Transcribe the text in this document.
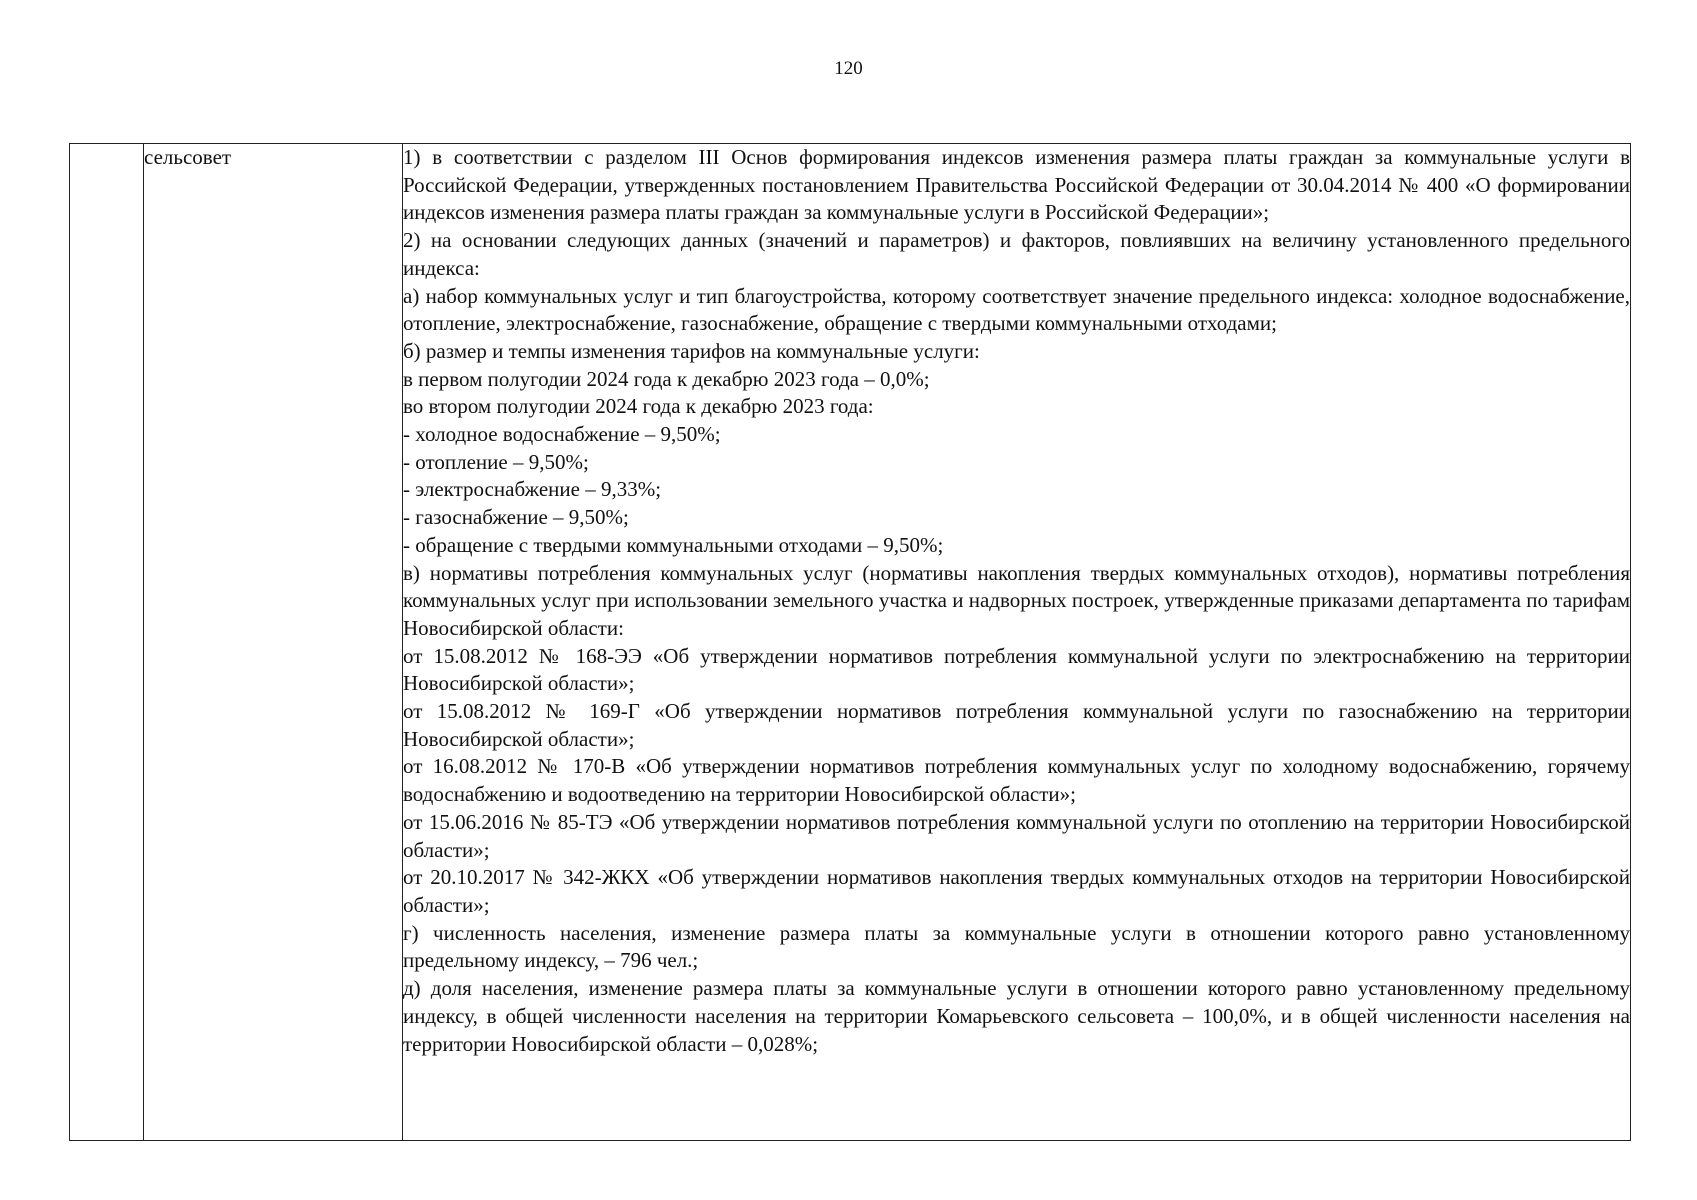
120
	сельсовет	1) в соответствии с разделом III Основ формирования индексов изменения размера платы граждан за коммунальные услуги в Российской Федерации, утвержденных постановлением Правительства Российской Федерации от 30.04.2014 № 400 «О формировании индексов изменения размера платы граждан за коммунальные услуги в Российской Федерации»;

2) на основании следующих данных (значений и параметров) и факторов, повлиявших на величину установленного предельного индекса:

а) набор коммунальных услуг и тип благоустройства, которому соответствует значение предельного индекса: холодное водоснабжение, отопление, электроснабжение, газоснабжение, обращение с твердыми коммунальными отходами;

б) размер и темпы изменения тарифов на коммунальные услуги:

в первом полугодии 2024 года к декабрю 2023 года – 0,0%;

во втором полугодии 2024 года к декабрю 2023 года:

- холодное водоснабжение – 9,50%;

- отопление – 9,50%;

- электроснабжение – 9,33%;

- газоснабжение – 9,50%;

- обращение с твердыми коммунальными отходами – 9,50%;

в) нормативы потребления коммунальных услуг (нормативы накопления твердых коммунальных отходов), нормативы потребления коммунальных услуг при использовании земельного участка и надворных построек, утвержденные приказами департамента по тарифам Новосибирской области:

от 15.08.2012 № 168-ЭЭ «Об утверждении нормативов потребления коммунальной услуги по электроснабжению на территории Новосибирской области»;

от 15.08.2012 № 169-Г «Об утверждении нормативов потребления коммунальной услуги по газоснабжению на территории Новосибирской области»;

от 16.08.2012 № 170-В «Об утверждении нормативов потребления коммунальных услуг по холодному водоснабжению, горячему водоснабжению и водоотведению на территории Новосибирской области»;

от 15.06.2016 № 85-ТЭ «Об утверждении нормативов потребления коммунальной услуги по отоплению на территории Новосибирской области»;

от 20.10.2017 № 342-ЖКХ «Об утверждении нормативов накопления твердых коммунальных отходов на территории Новосибирской области»;

г) численность населения, изменение размера платы за коммунальные услуги в отношении которого равно установленному предельному индексу, – 796 чел.;

д) доля населения, изменение размера платы за коммунальные услуги в отношении которого равно установленному предельному индексу, в общей численности населения на территории Комарьевского сельсовета – 100,0%, и в общей численности населения на территории Новосибирской области – 0,028%;
